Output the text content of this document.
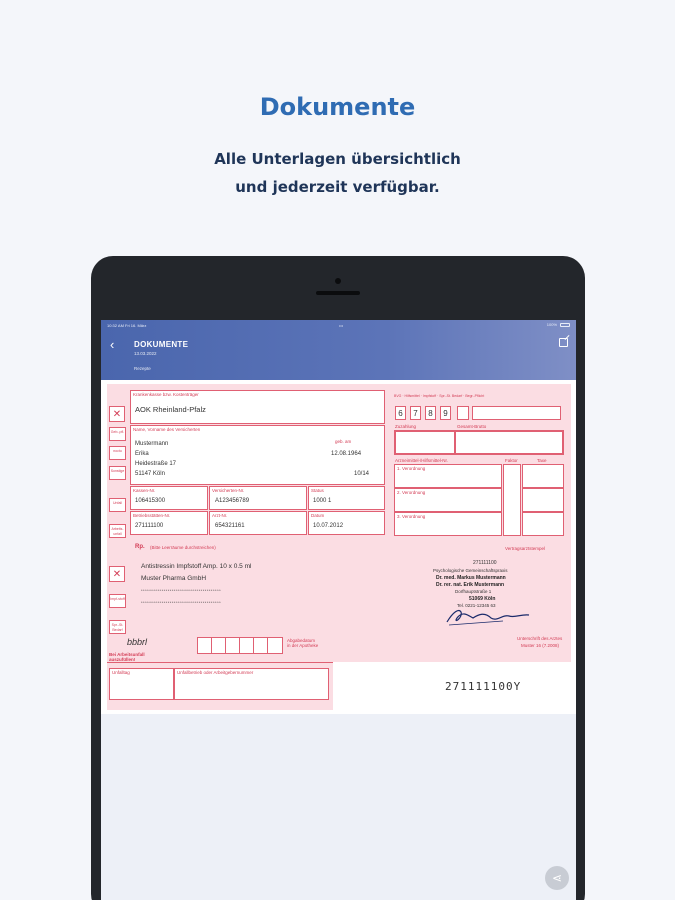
Dokumente
Alle Unterlagen übersichtlich
und jederzeit verfügbar.
10:32 AM Fri 16. März	•••	100%
‹ DOKUMENTE
13.03.2022
Rezepte
✕
Geb.-pfl.
noctu
Sonstige
Unfall
Arbeits-unfall
✕
Impf-stoff
Spr.-St. Bedarf
Krankenkasse bzw. Kostenträger
AOK Rheinland-Pfalz
Name, Vorname des Versicherten
geb. am
Mustermann
Erika
Heidestraße 17
51147 Köln
12.08.1964
10/14
Kassen-Nr.	Versicherten-Nr.	Status
106415300	A123456789	1000 1
Betriebsstätten-Nr.	Arzt-Nr.	Datum
271111100	654321161	10.07.2012
Rp. (Bitte Leerräume durchstreichen)
Antistressin Impfstoff Amp. 10 x 0.5 ml
Muster Pharma GmbH
***************************************
***************************************
bbbrl
Bei Arbeitsunfall
auszufüllen!
Abgabedatum
in der Apotheke
Unfalltag	Unfallbetrieb oder Arbeitgebernummer
271111100Y
BVG · Hilfsmittel · Impfstoff · Spr.-St. Bedarf · Begr.-Pflicht
6	7	8	9
Zuzahlung	Gesamt-Brutto
Arzneimittel-/Hilfsmittel-Nr.	Faktor	Taxe
1. Verordnung
2. Verordnung
3. Verordnung
Vertragsarztstempel
271111100
Psychologische Gemeinschaftspraxis
Dr. med. Markus Mustermann
Dr. rer. nat. Erik Mustermann
Dorfhauptstraße 1
51069 Köln
Tel. 0221-12345 63
Unterschrift des Arztes
Muster 16 (7.2008)
⋖
